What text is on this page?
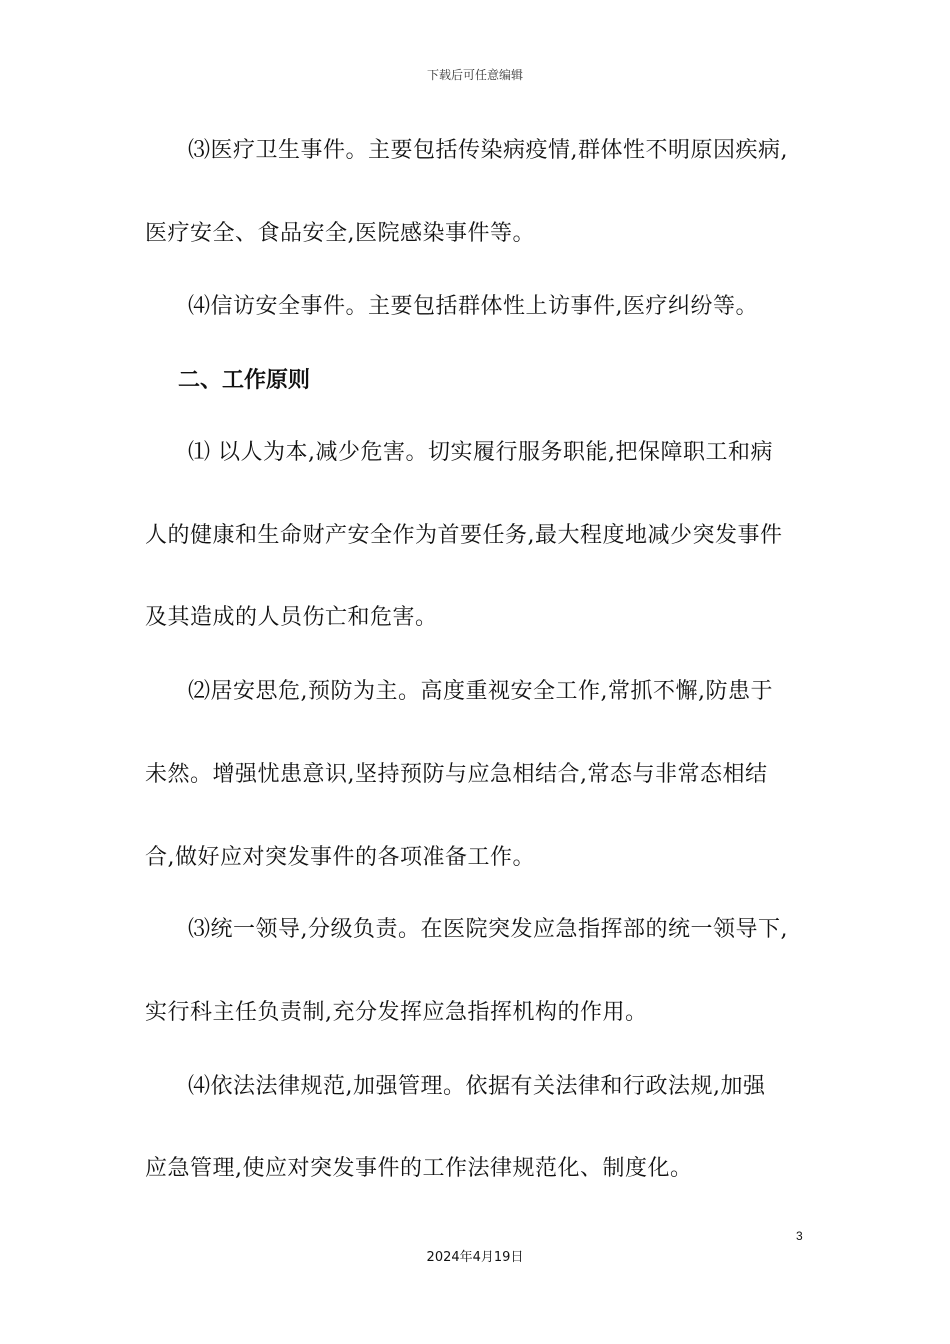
下载后可任意编辑
⑶医疗卫生事件。主要包括传染病疫情,群体性不明原因疾病,
医疗安全、食品安全,医院感染事件等。
⑷信访安全事件。主要包括群体性上访事件,医疗纠纷等。
二、工作原则
⑴ 以人为本,减少危害。切实履行服务职能,把保障职工和病
人的健康和生命财产安全作为首要任务,最大程度地减少突发事件
及其造成的人员伤亡和危害。
⑵居安思危,预防为主。高度重视安全工作,常抓不懈,防患于
未然。增强忧患意识,坚持预防与应急相结合,常态与非常态相结
合,做好应对突发事件的各项准备工作。
⑶统一领导,分级负责。在医院突发应急指挥部的统一领导下,
实行科主任负责制,充分发挥应急指挥机构的作用。
⑷依法法律规范,加强管理。依据有关法律和行政法规,加强
应急管理,使应对突发事件的工作法律规范化、制度化。
3
2024年4月19日
